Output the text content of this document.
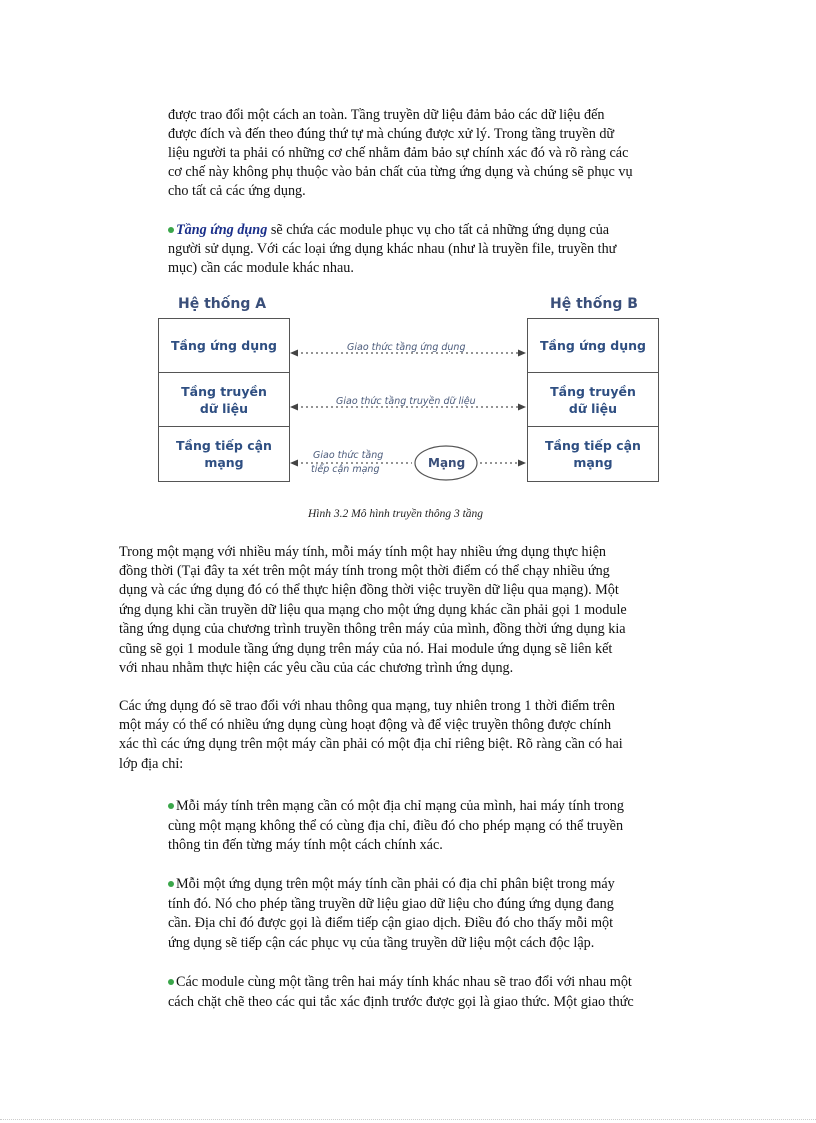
được trao đổi một cách an toàn. Tầng truyền dữ liệu đảm bảo các dữ liệu đến
được đích và đến theo đúng thứ tự mà chúng được xử lý. Trong tầng truyền dữ
liệu người ta phải có những cơ chế nhằm đảm bảo sự chính xác đó và rõ ràng các
cơ chế này không phụ thuộc vào bản chất của từng ứng dụng và chúng sẽ phục vụ
cho tất cả các ứng dụng.
Tầng ứng dụng sẽ chứa các module phục vụ cho tất cả những ứng dụng của
người sử dụng. Với các loại ứng dụng khác nhau (như là truyền file, truyền thư
mục) cần các module khác nhau.
Hệ thống A	Hệ thống B
Tầng ứng dụng
Tầng truyền
dữ liệu
Tầng tiếp cận
mạng
Tầng ứng dụng
Tầng truyền
dữ liệu
Tầng tiếp cận
mạng
Giao thức tầng ứng dụng
Giao thức tầng truyền dữ liệu
Giao thức tầng
tiếp cận mạng	Mạng
Hình 3.2 Mô hình truyền thông 3 tầng
Trong một mạng với nhiều máy tính, mỗi máy tính một hay nhiều ứng dụng thực hiện
đồng thời (Tại đây ta xét trên một máy tính trong một thời điểm có thể chạy nhiều ứng
dụng và các ứng dụng đó có thể thực hiện đồng thời việc truyền dữ liệu qua mạng). Một
ứng dụng khi cần truyền dữ liệu qua mạng cho một ứng dụng khác cần phải gọi 1 module
tầng ứng dụng của chương trình truyền thông trên máy của mình, đồng thời ứng dụng kia
cũng sẽ gọi 1 module tầng ứng dụng trên máy của nó. Hai module ứng dụng sẽ liên kết
với nhau nhằm thực hiện các yêu cầu của các chương trình ứng dụng.
Các ứng dụng đó sẽ trao đổi với nhau thông qua mạng, tuy nhiên trong 1 thời điểm trên
một máy có thể có nhiều ứng dụng cùng hoạt động và để việc truyền thông được chính
xác thì các ứng dụng trên một máy cần phải có một địa chỉ riêng biệt. Rõ ràng cần có hai
lớp địa chỉ:
Mỗi máy tính trên mạng cần có một địa chỉ mạng của mình, hai máy tính trong
cùng một mạng không thể có cùng địa chỉ, điều đó cho phép mạng có thể truyền
thông tin đến từng máy tính một cách chính xác.
Mỗi một ứng dụng trên một máy tính cần phải có địa chỉ phân biệt trong máy
tính đó. Nó cho phép tầng truyền dữ liệu giao dữ liệu cho đúng ứng dụng đang
cần. Địa chỉ đó được gọi là điểm tiếp cận giao dịch. Điều đó cho thấy mỗi một
ứng dụng sẽ tiếp cận các phục vụ của tầng truyền dữ liệu một cách độc lập.
Các module cùng một tầng trên hai máy tính khác nhau sẽ trao đổi với nhau một
cách chặt chẽ theo các qui tắc xác định trước được gọi là giao thức. Một giao thức
